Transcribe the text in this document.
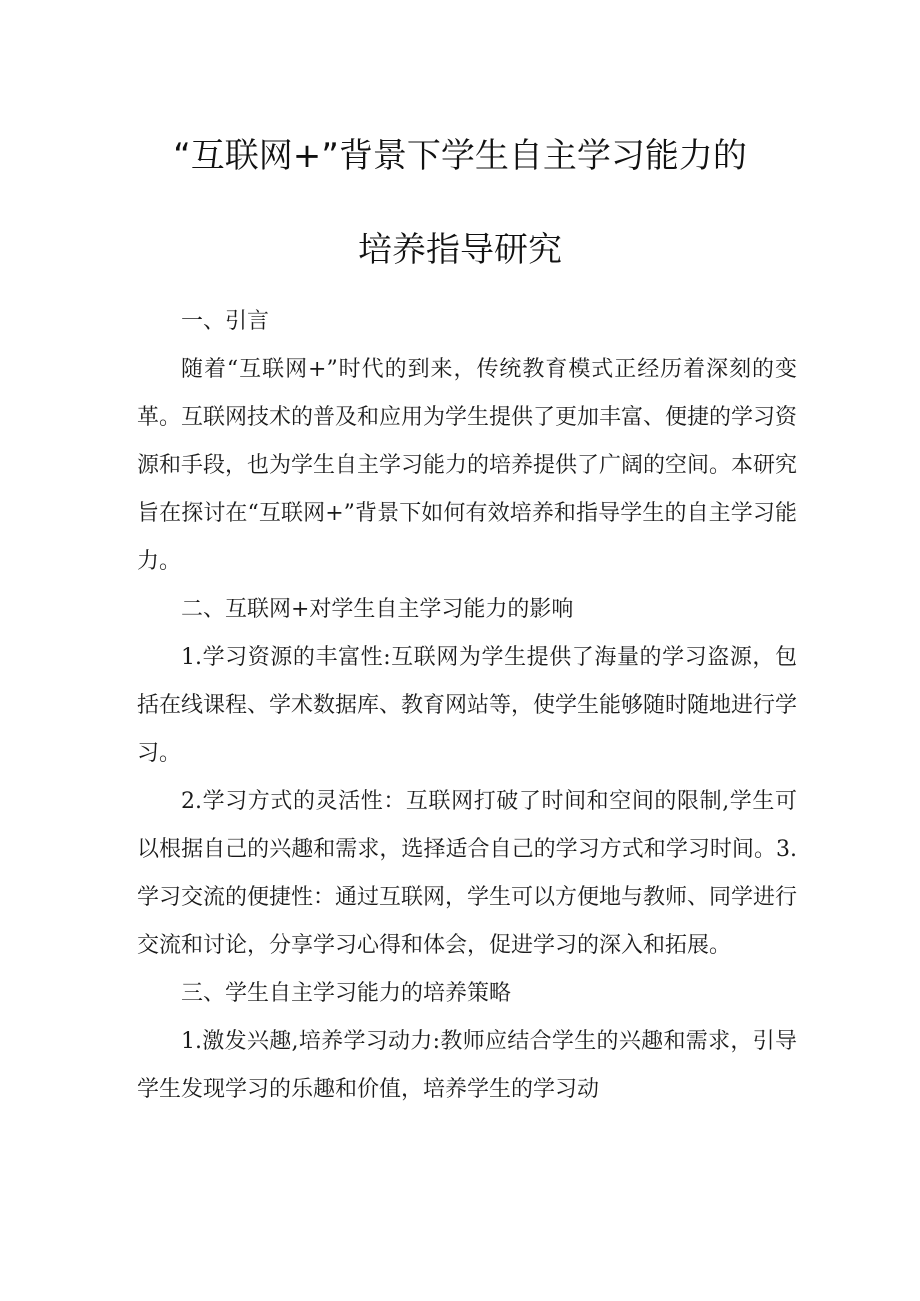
“互联网+”背景下学生自主学习能力的
培养指导研究

一、引言

随着“互联网+”时代的到来，传统教育模式正经历着深刻的变革。互联网技术的普及和应用为学生提供了更加丰富、便捷的学习资源和手段，也为学生自主学习能力的培养提供了广阔的空间。本研究旨在探讨在“互联网+”背景下如何有效培养和指导学生的自主学习能力。

二、互联网+对学生自主学习能力的影响

1.学习资源的丰富性:互联网为学生提供了海量的学习盗源，包括在线课程、学术数据库、教育网站等，使学生能够随时随地进行学习。

2.学习方式的灵活性：互联网打破了时间和空间的限制,学生可以根据自己的兴趣和需求，选择适合自己的学习方式和学习时间。3.学习交流的便捷性：通过互联网，学生可以方便地与教师、同学进行交流和讨论，分享学习心得和体会，促进学习的深入和拓展。

三、学生自主学习能力的培养策略

1.激发兴趣,培养学习动力:教师应结合学生的兴趣和需求，引导学生发现学习的乐趣和价值，培养学生的学习动
